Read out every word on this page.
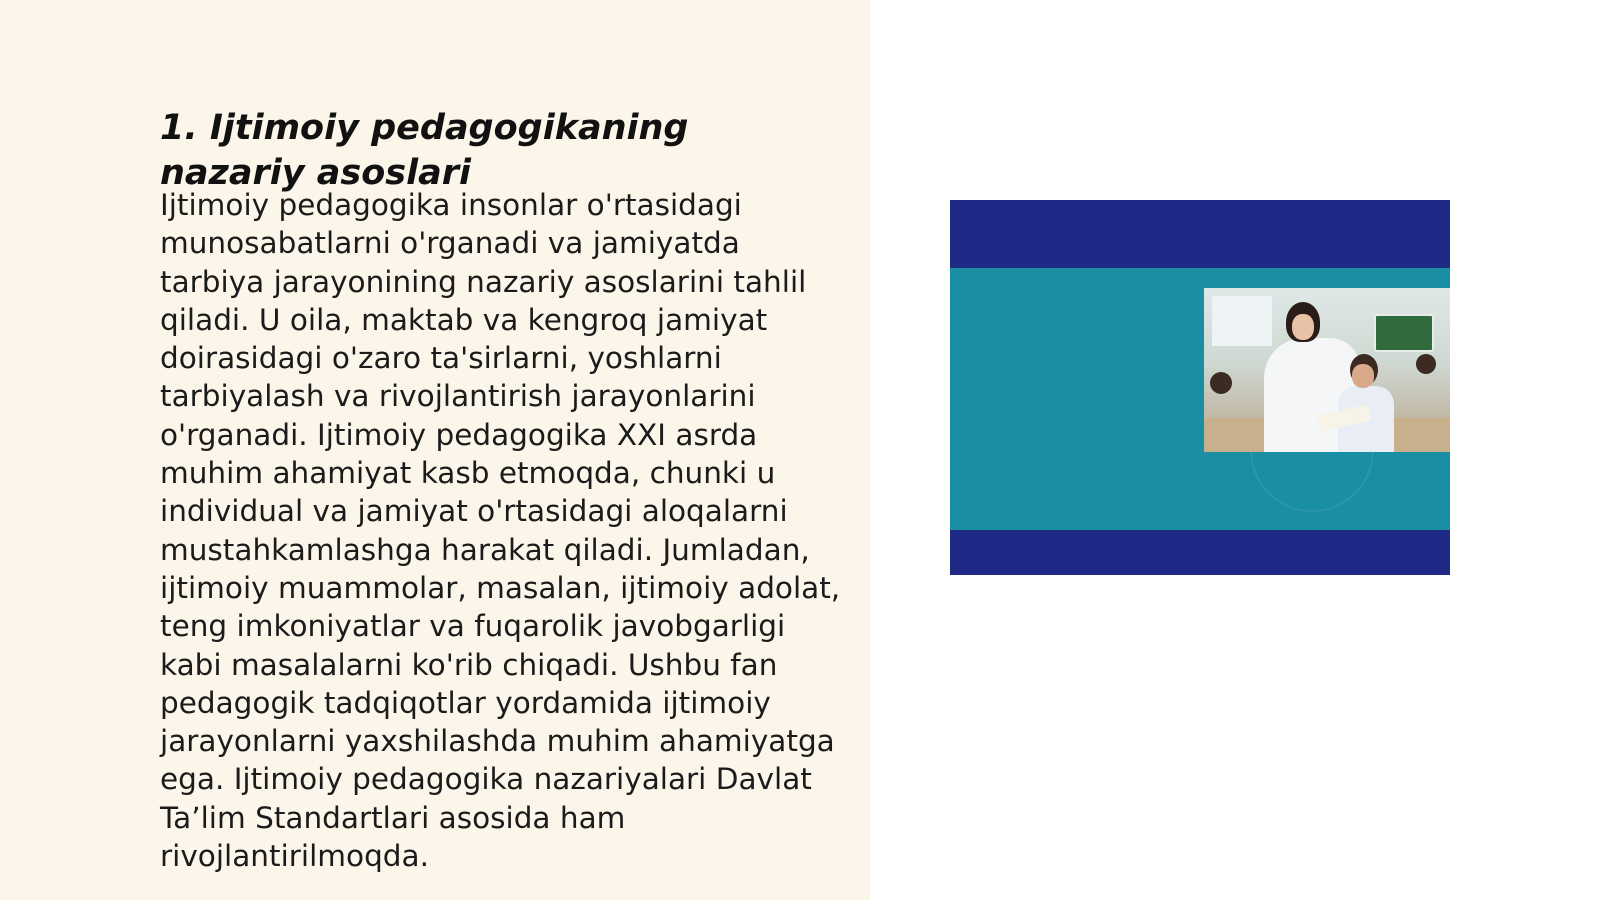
1. Ijtimoiy pedagogikaning nazariy asoslari

Ijtimoiy pedagogika insonlar o'rtasidagi munosabatlarni o'rganadi va jamiyatda tarbiya jarayonining nazariy asoslarini tahlil qiladi. U oila, maktab va kengroq jamiyat doirasidagi o'zaro ta'sirlarni, yoshlarni tarbiyalash va rivojlantirish jarayonlarini o'rganadi. Ijtimoiy pedagogika XXI asrda muhim ahamiyat kasb etmoqda, chunki u individual va jamiyat o'rtasidagi aloqalarni mustahkamlashga harakat qiladi. Jumladan, ijtimoiy muammolar, masalan, ijtimoiy adolat, teng imkoniyatlar va fuqarolik javobgarligi kabi masalalarni ko'rib chiqadi. Ushbu fan pedagogik tadqiqotlar yordamida ijtimoiy jarayonlarni yaxshilashda muhim ahamiyatga ega. Ijtimoiy pedagogika nazariyalari Davlat Ta’lim Standartlari asosida ham rivojlantirilmoqda.
